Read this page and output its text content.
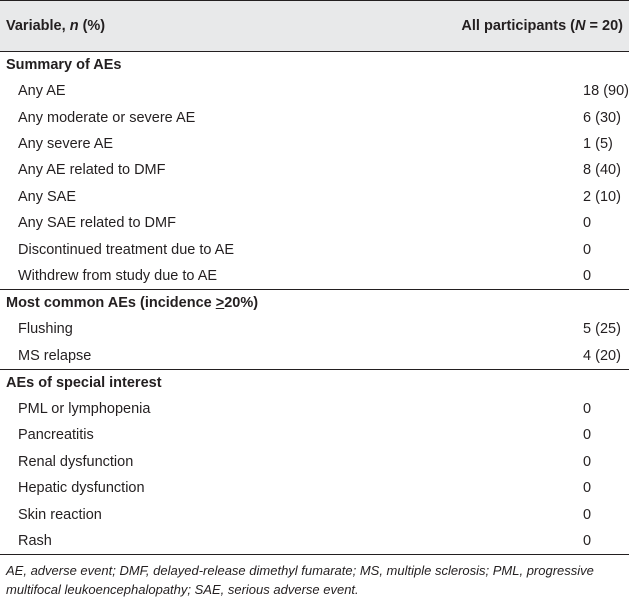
Variable, n (%)	All participants (N = 20)
Summary of AEs	
Any AE	18 (90)
Any moderate or severe AE	6 (30)
Any severe AE	1 (5)
Any AE related to DMF	8 (40)
Any SAE	2 (10)
Any SAE related to DMF	0
Discontinued treatment due to AE	0
Withdrew from study due to AE	0
Most common AEs (incidence >20%)	
Flushing	5 (25)
MS relapse	4 (20)
AEs of special interest	
PML or lymphopenia	0
Pancreatitis	0
Renal dysfunction	0
Hepatic dysfunction	0
Skin reaction	0
Rash	0
AE, adverse event; DMF, delayed-release dimethyl fumarate; MS, multiple sclerosis; PML, progressive multifocal leukoencephalopathy; SAE, serious adverse event.	
